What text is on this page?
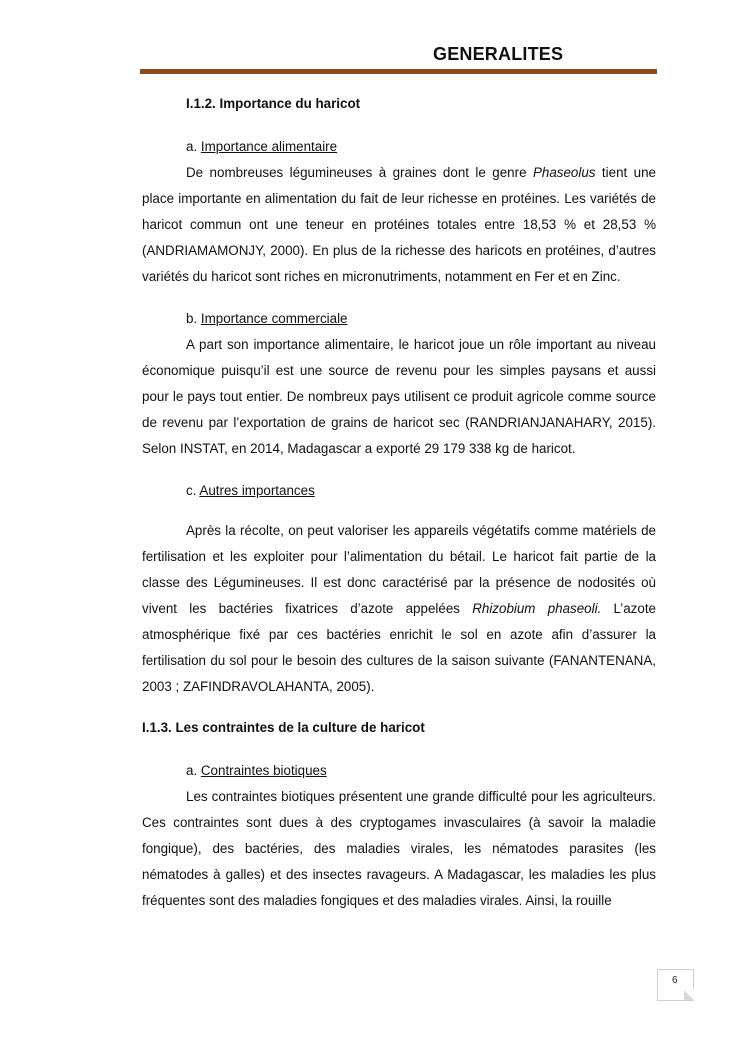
GENERALITES
I.1.2. Importance du haricot
a. Importance alimentaire

De nombreuses légumineuses à graines dont le genre Phaseolus tient une place importante en alimentation du fait de leur richesse en protéines. Les variétés de haricot commun ont une teneur en protéines totales entre 18,53 % et 28,53 % (ANDRIAMAMONJY, 2000). En plus de la richesse des haricots en protéines, d’autres variétés du haricot sont riches en micronutriments, notamment en Fer et en Zinc.

b. Importance commerciale

A part son importance alimentaire, le haricot joue un rôle important au niveau économique puisqu’il est une source de revenu pour les simples paysans et aussi pour le pays tout entier. De nombreux pays utilisent ce produit agricole comme source de revenu par l’exportation de grains de haricot sec (RANDRIANJANAHARY, 2015). Selon INSTAT, en 2014, Madagascar a exporté 29 179 338 kg de haricot.

c. Autres importances

Après la récolte, on peut valoriser les appareils végétatifs comme matériels de fertilisation et les exploiter pour l’alimentation du bétail. Le haricot fait partie de la classe des Légumineuses. Il est donc caractérisé par la présence de nodosités où vivent les bactéries fixatrices d’azote appelées Rhizobium phaseoli. L’azote atmosphérique fixé par ces bactéries enrichit le sol en azote afin d’assurer la fertilisation du sol pour le besoin des cultures de la saison suivante (FANANTENANA, 2003 ; ZAFINDRAVOLAHANTA, 2005).

I.1.3. Les contraintes de la culture de haricot
a. Contraintes biotiques

Les contraintes biotiques présentent une grande difficulté pour les agriculteurs. Ces contraintes sont dues à des cryptogames invasculaires (à savoir la maladie fongique), des bactéries, des maladies virales, les nématodes parasites (les nématodes à galles) et des insectes ravageurs. A Madagascar, les maladies les plus fréquentes sont des maladies fongiques et des maladies virales. Ainsi, la rouille

6
